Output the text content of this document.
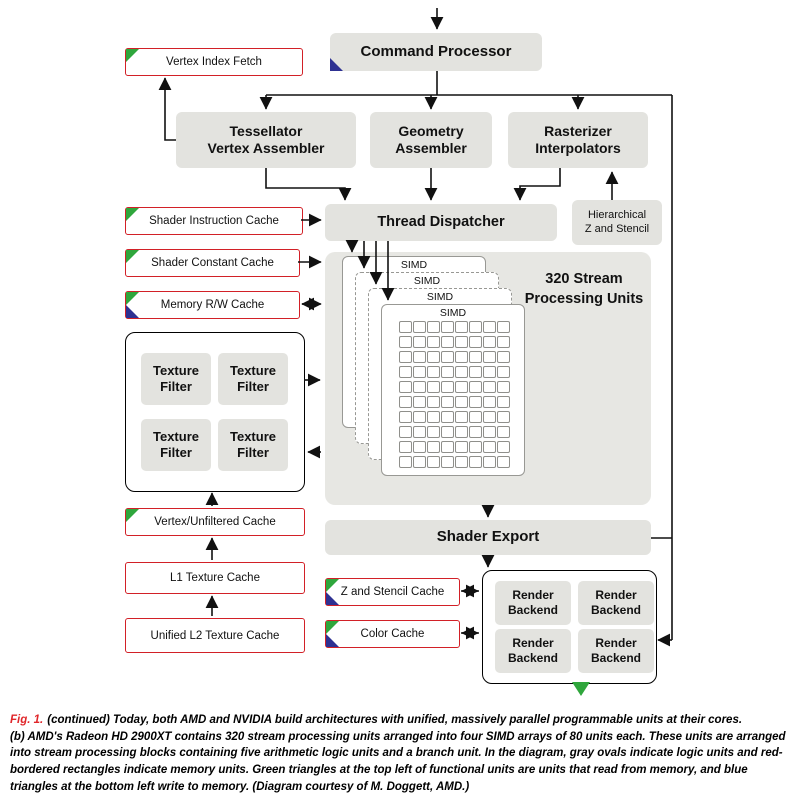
320 Stream Processing Units
SIMD
SIMD
SIMD
SIMD
Command Processor
Tessellator
Vertex Assembler
Geometry
Assembler
Rasterizer
Interpolators
Thread Dispatcher	Hierarchical
Z and Stencil
Shader Export
Vertex Index Fetch
Shader Instruction Cache
Shader Constant Cache
Memory R/W Cache
Texture
Filter
Texture
Filter
Texture
Filter
Texture
Filter
Vertex/Unfiltered Cache
L1 Texture Cache
Unified L2 Texture Cache
Z and Stencil Cache
Color Cache
Render
Backend
Render
Backend
Render
Backend
Render
Backend

Fig. 1. (continued) Today, both AMD and NVIDIA build architectures with unified, massively parallel programmable units at their cores.

(b) AMD's Radeon HD 2900XT contains 320 stream processing units arranged into four SIMD arrays of 80 units each. These units are arranged into stream processing blocks containing five arithmetic logic units and a branch unit. In the diagram, gray ovals indicate logic units and red-bordered rectangles indicate memory units. Green triangles at the top left of functional units are units that read from memory, and blue triangles at the bottom left write to memory. (Diagram courtesy of M. Doggett, AMD.)
